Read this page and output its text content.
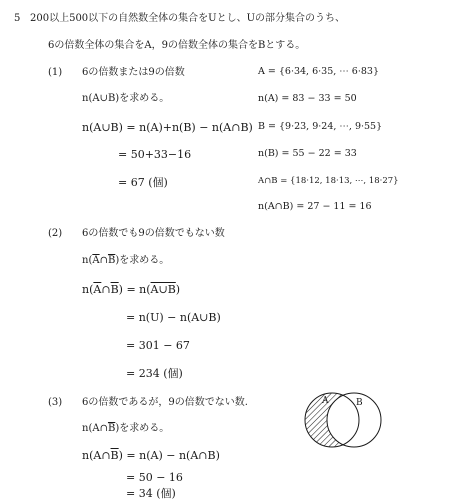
5 200以上500以下の自然数全体の集合をUとし、Uの部分集合のうち、
6の倍数全体の集合をA，9の倍数全体の集合をBとする。
(1) 6の倍数または9の倍数
n(A∪B)を求める。
n(A∪B) = n(A)+n(B) − n(A∩B)
= 50+33−16
= 67 (個)
A = {6·34, 6·35, ⋯ 6·83}
n(A) = 83 − 33 = 50
B = {9·23, 9·24, ⋯, 9·55}
n(B) = 55 − 22 = 33
A∩B = {18·12, 18·13, ⋯, 18·27}
n(A∩B) = 27 − 11 = 16
(2) 6の倍数でも9の倍数でもない数
$n(\overline{A}\cap\overline{B})$を求める。
$n(\overline{A}\cap\overline{B})$ = n(A∪B)
= n(U) − n(A∪B)
= 301 − 67
= 234 (個)
(3) 6の倍数であるが，9の倍数でない数.
$n(A\cap\overline{B})$を求める。
$n(A\cap\overline{B}) = n(A)$ − n(A∩B)
= 50 − 16
= 34 (個)
A	B
